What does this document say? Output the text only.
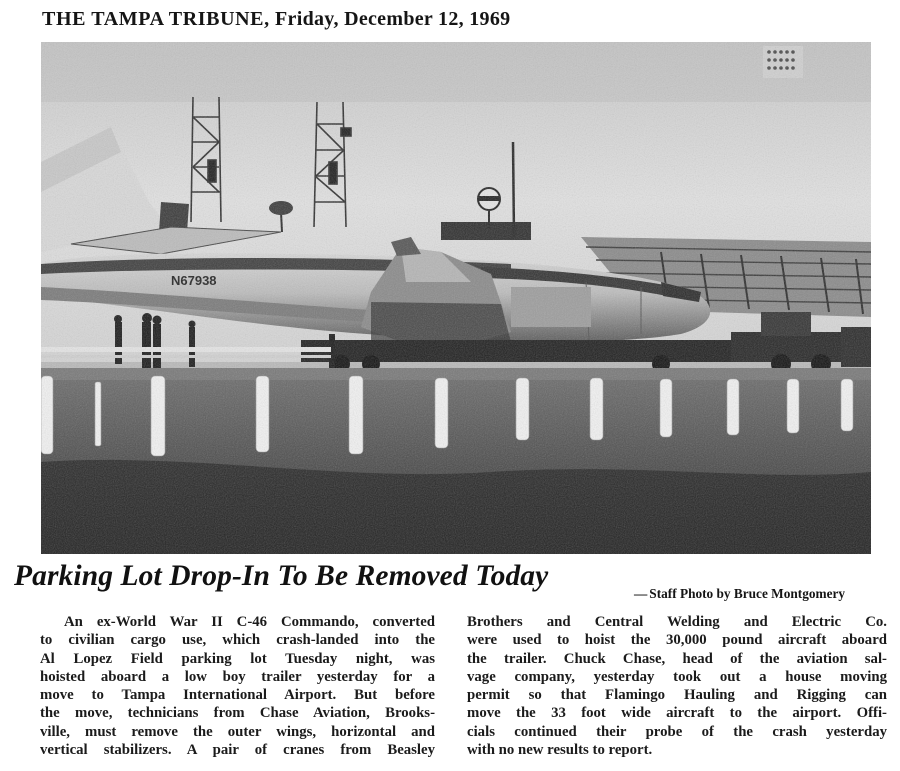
THE TAMPA TRIBUNE, Friday, December 12, 1969
Parking Lot Drop-In To Be Removed Today
— Staff Photo by Bruce Montgomery
An ex-World War II C-46 Commando, converted
to civilian cargo use, which crash-landed into the
Al Lopez Field parking lot Tuesday night, was
hoisted aboard a low boy trailer yesterday for a
move to Tampa International Airport. But before
the move, technicians from Chase Aviation, Brooks-
ville, must remove the outer wings, horizontal and
vertical stabilizers. A pair of cranes from Beasley
Brothers and Central Welding and Electric Co.
were used to hoist the 30,000 pound aircraft aboard
the trailer. Chuck Chase, head of the aviation sal-
vage company, yesterday took out a house moving
permit so that Flamingo Hauling and Rigging can
move the 33 foot wide aircraft to the airport. Offi-
cials continued their probe of the crash yesterday
with no new results to report.
